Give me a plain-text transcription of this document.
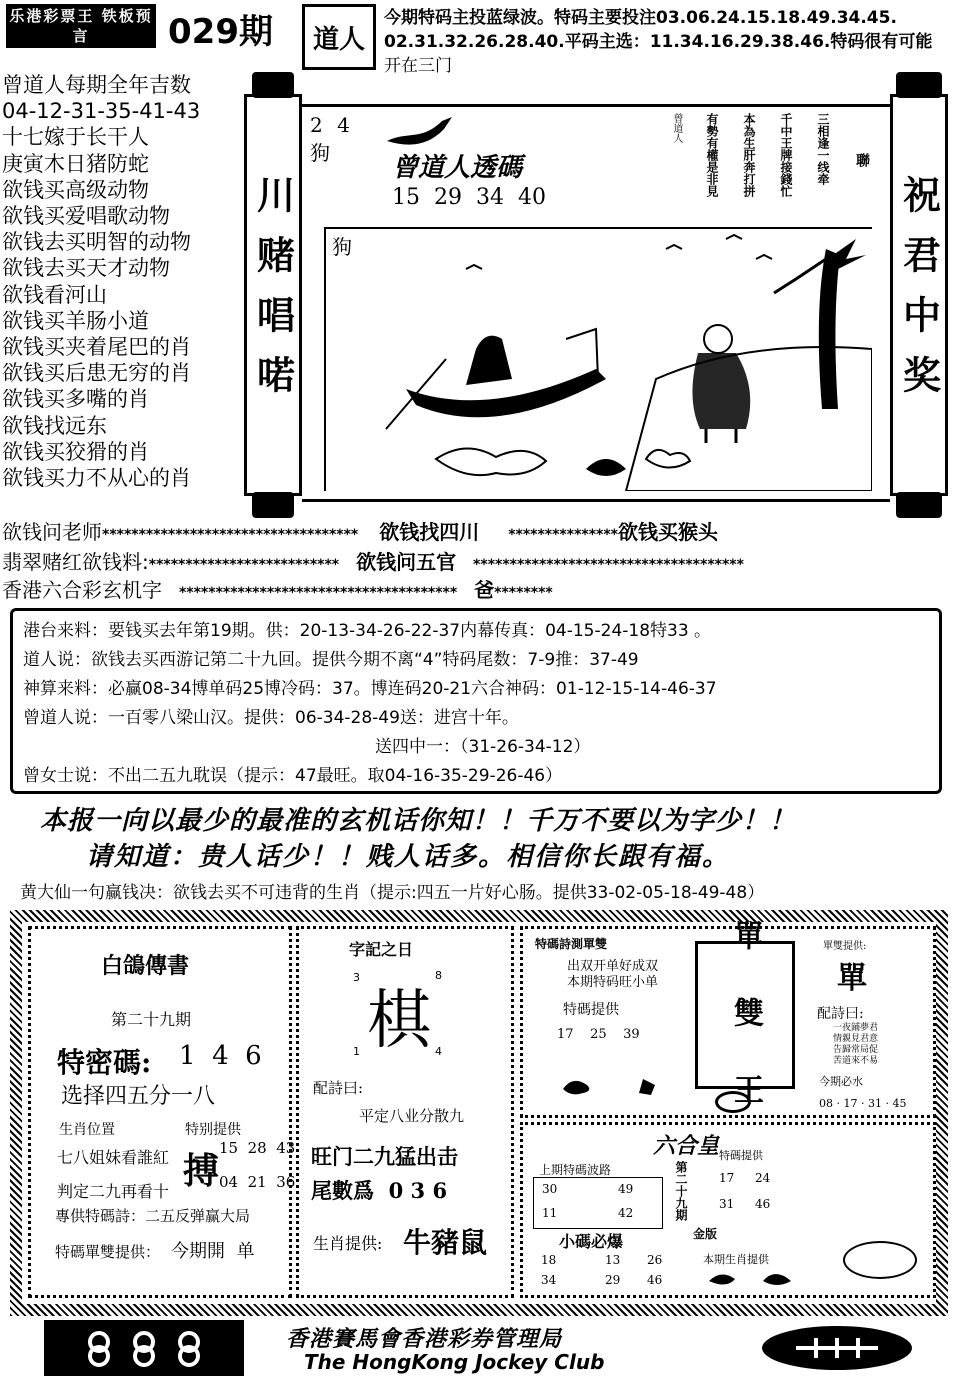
乐港彩票王 铁板预言	029期 道人
今期特码主投蓝绿波。特码主要投注03.06.24.15.18.49.34.45.
02.31.32.26.28.40.平码主选：11.34.16.29.38.46.特码很有可能
开在三门
曾道人每期全年吉数
04-12-31-35-41-43
十七嫁于长干人
庚寅木日猪防蛇
欲钱买高级动物
欲钱买爱唱歌动物
欲钱去买明智的动物
欲钱去买天才动物
欲钱看河山
欲钱买羊肠小道
欲钱买夹着尾巴的肖
欲钱买后患无穷的肖
欲钱买多嘴的肖
欲钱找远东
欲钱买狡猾的肖
欲钱买力不从心的肖
川赌唱喏	祝君中奖
2 4
狗 曾道人透碼
15  29  34  40
聯
三相逢一线牵
千中王牌接錢忙
本為生肝奔打拼
有勢有權是非見
曾道人
狗
欲钱问老师*********************************** 欲钱找四川 ***************欲钱买猴头
翡翠赌红欲钱料:************************** 欲钱问五官 *************************************
香港六合彩玄机字 ************************************** 爸********
港台来料：要钱买去年第19期。供：20-13-34-26-22-37内幕传真：04-15-24-18特33 。
道人说：欲钱去买西游记第二十九回。提供今期不离“4”特码尾数：7-9推：37-49
神算来料：必赢08-34博单码25博冷码：37。博连码20-21六合神码：01-12-15-14-46-37
曾道人说：一百零八梁山汉。提供：06-34-28-49送：进宫十年。
送四中一：（31-26-34-12）
曾女士说：不出二五九耽误（提示：47最旺。取04-16-35-29-26-46）
本报一向以最少的最准的玄机话你知！！千万不要以为字少！！
请知道：贵人话少！！贱人话多。相信你长跟有福。
黄大仙一句赢钱决：欲钱去买不可违背的生肖（提示:四五一片好心肠。提供33-02-05-18-49-48）
白鴿傳書
第二十九期
特密碼: 1  4  6
选择四五分一八
生肖位置
七八姐妹看誰紅
判定二九再看十
特别提供
搏
15  28  43
04  21  36
專供特碼詩：二五反弹赢大局
特碼單雙提供： 今期開  单
字記之日
3	8
棋
1	4
配詩曰:
平定八业分散九
旺门二九猛出击
尾數爲  0 3 6
生肖提供: 牛豬鼠
特碼詩測單雙
出双开单好成双
本期特码旺小单
特碼提供
17    25    39	單 雙 王	單雙提供:
單
配詩曰:
一夜鋪夢君
情親見君意
告歸常局促
苦道來不易
今期必水
08 · 17 · 31 · 45
六合皇
上期特碼波路
30	49
11	42	第二十九期
金版
特碼提供
17 24
31 46
小碼必爆
18	13 26
34	29 46
本期生肖提供
香港賽馬會香港彩券管理局
The HongKong Jockey Club
